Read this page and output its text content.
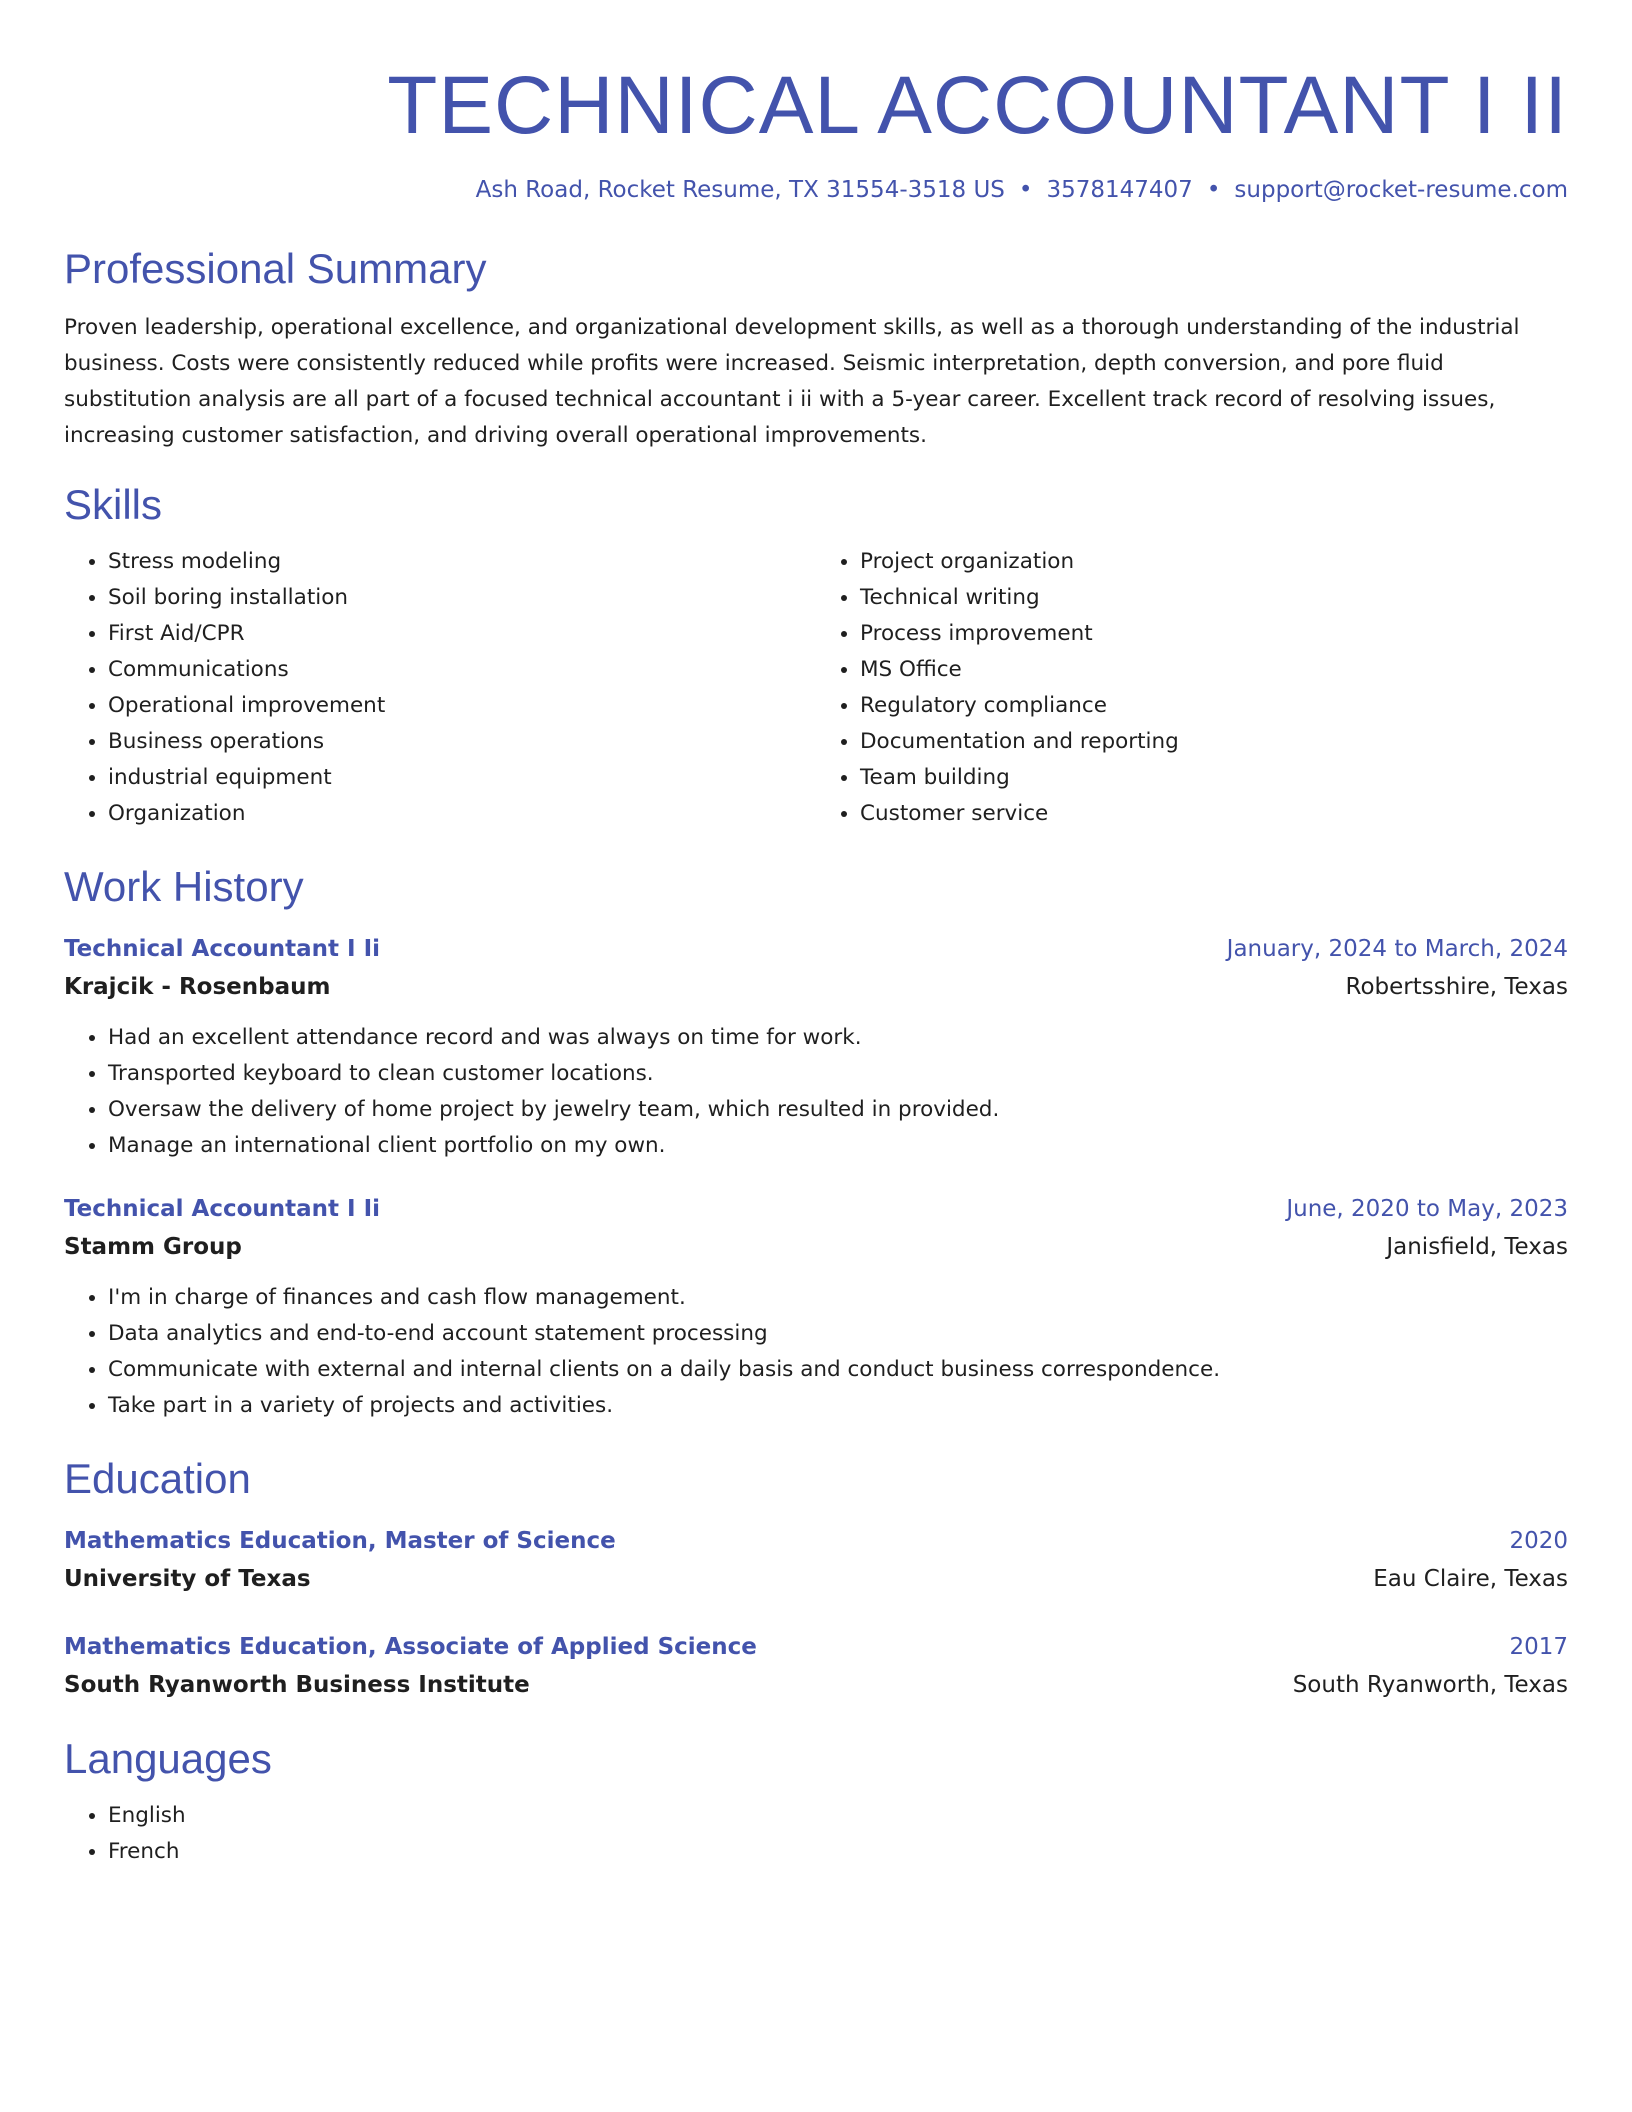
TECHNICAL ACCOUNTANT I II
Ash Road, Rocket Resume, TX 31554-3518 US • 3578147407 • support@rocket-resume.com
Professional Summary

Proven leadership, operational excellence, and organizational development skills, as well as a thorough understanding of the industrial business. Costs were consistently reduced while profits were increased. Seismic interpretation, depth conversion, and pore fluid substitution analysis are all part of a focused technical accountant i ii with a 5-year career. Excellent track record of resolving issues, increasing customer satisfaction, and driving overall operational improvements.

Skills
• Stress modeling
• Soil boring installation
• First Aid/CPR
• Communications
• Operational improvement
• Business operations
• industrial equipment
• Organization
• Project organization
• Technical writing
• Process improvement
• MS Office
• Regulatory compliance
• Documentation and reporting
• Team building
• Customer service
Work History
Technical Accountant I Ii	January, 2024 to March, 2024
Krajcik - Rosenbaum	Robertsshire, Texas
• Had an excellent attendance record and was always on time for work.
• Transported keyboard to clean customer locations.
• Oversaw the delivery of home project by jewelry team, which resulted in provided.
• Manage an international client portfolio on my own.
Technical Accountant I Ii	June, 2020 to May, 2023
Stamm Group	Janisfield, Texas
• I'm in charge of finances and cash flow management.
• Data analytics and end-to-end account statement processing
• Communicate with external and internal clients on a daily basis and conduct business correspondence.
• Take part in a variety of projects and activities.
Education
Mathematics Education, Master of Science	2020
University of Texas	Eau Claire, Texas
Mathematics Education, Associate of Applied Science	2017
South Ryanworth Business Institute	South Ryanworth, Texas
Languages
• English
• French
